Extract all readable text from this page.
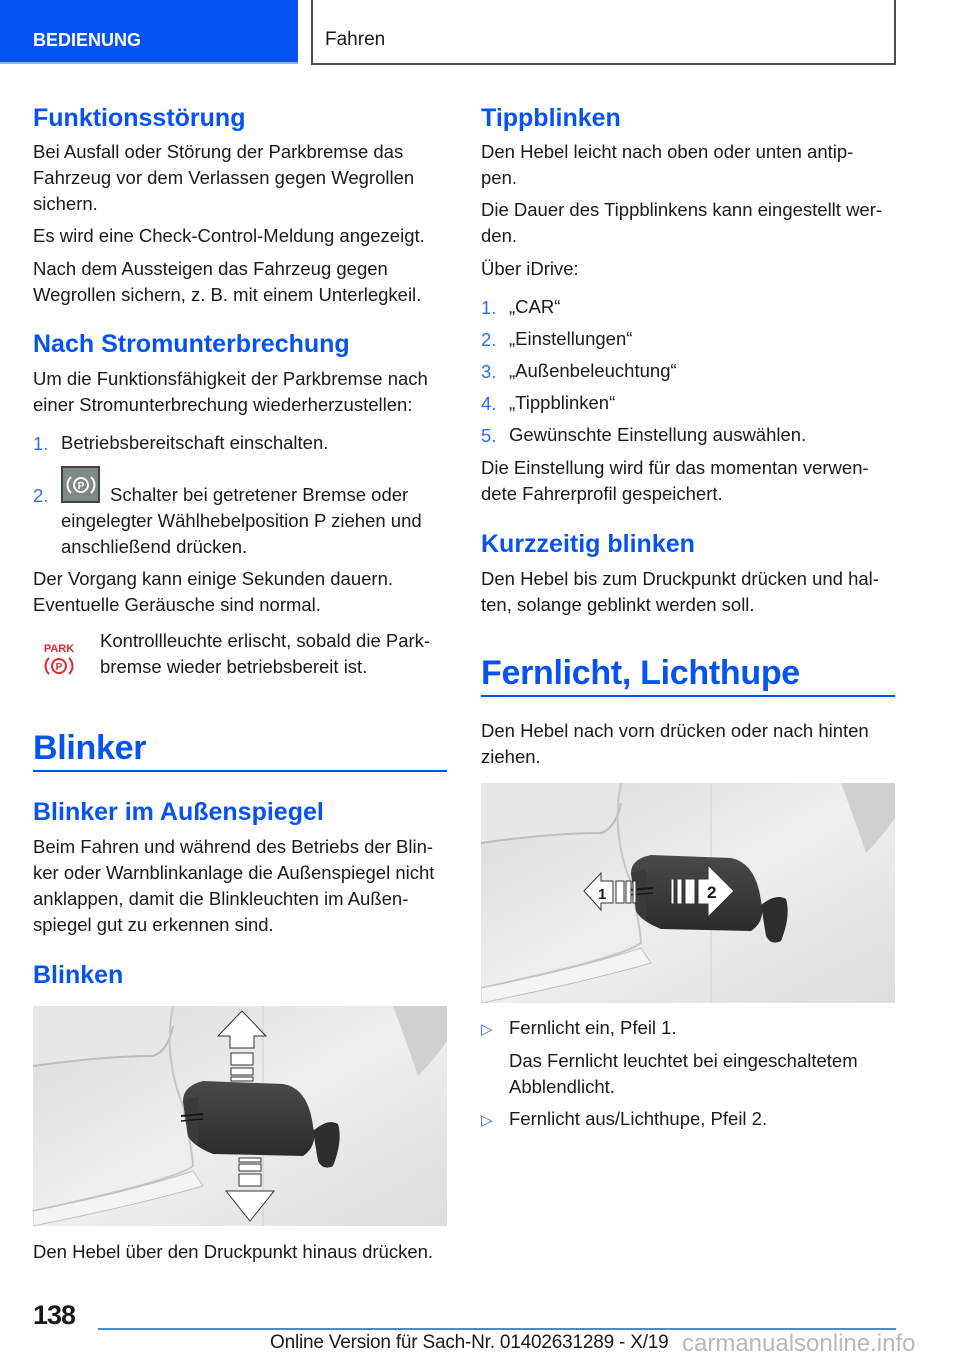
BEDIENUNG	Fahren
Funktionsstörung
Bei Ausfall oder Störung der Parkbremse das
Fahrzeug vor dem Verlassen gegen Wegrollen
sichern.
Es wird eine Check-Control-Meldung angezeigt.
Nach dem Aussteigen das Fahrzeug gegen
Wegrollen sichern, z. B. mit einem Unterlegkeil.
Nach Stromunterbrechung
Um die Funktionsfähigkeit der Parkbremse nach
einer Stromunterbrechung wiederherzustellen:
1. Betriebsbereitschaft einschalten.
2.	P Schalter bei getretener Bremse oder
eingelegter Wählhebelposition P ziehen und
anschließend drücken.
Der Vorgang kann einige Sekunden dauern.
Eventuelle Geräusche sind normal.
PARK
P
Kontrollleuchte erlischt, sobald die Park-
bremse wieder betriebsbereit ist.
Blinker
Blinker im Außenspiegel
Beim Fahren und während des Betriebs der Blin-
ker oder Warnblinkanlage die Außenspiegel nicht
anklappen, damit die Blinkleuchten im Außen-
spiegel gut zu erkennen sind.
Blinken
Den Hebel über den Druckpunkt hinaus drücken.
Tippblinken
Den Hebel leicht nach oben oder unten antip-
pen.
Die Dauer des Tippblinkens kann eingestellt wer-
den.
Über iDrive:
1. „CAR“
2. „Einstellungen“
3. „Außenbeleuchtung“
4. „Tippblinken“
5. Gewünschte Einstellung auswählen.
Die Einstellung wird für das momentan verwen-
dete Fahrerprofil gespeichert.
Kurzzeitig blinken
Den Hebel bis zum Druckpunkt drücken und hal-
ten, solange geblinkt werden soll.
Fernlicht, Lichthupe
Den Hebel nach vorn drücken oder nach hinten
ziehen.
1	2
▷ Fernlicht ein, Pfeil 1.
Das Fernlicht leuchtet bei eingeschaltetem
Abblendlicht.
▷ Fernlicht aus/Lichthupe, Pfeil 2.
138
Online Version für Sach-Nr. 01402631289 - X/19 carmanualsonline.info
